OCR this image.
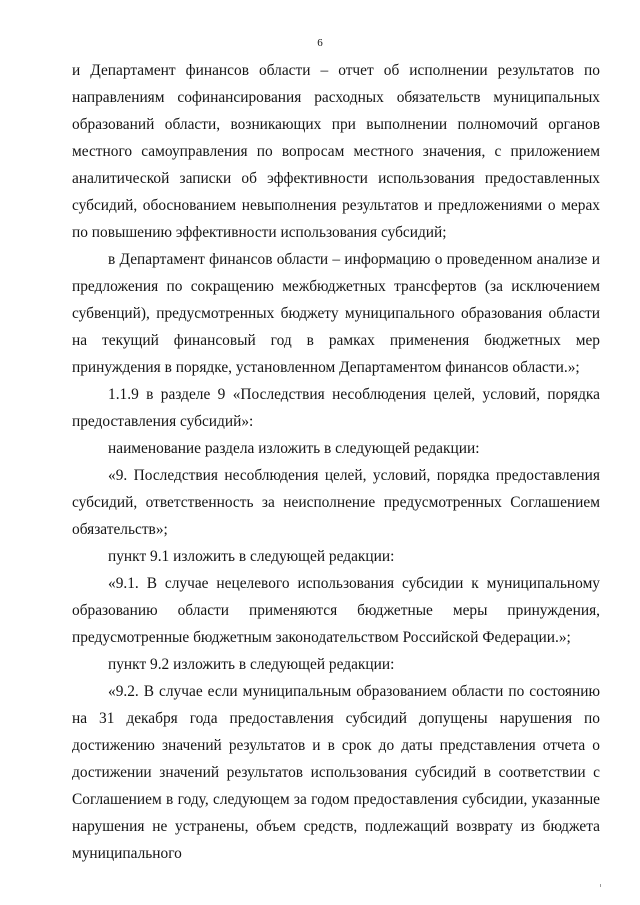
6

и Департамент финансов области – отчет об исполнении результатов по направлениям софинансирования расходных обязательств муниципальных образований области, возникающих при выполнении полномочий органов местного самоуправления по вопросам местного значения, с приложением аналитической записки об эффективности использования предоставленных субсидий, обоснованием невыполнения результатов и предложениями о мерах по повышению эффективности использования субсидий;

в Департамент финансов области – информацию о проведенном анализе и предложения по сокращению межбюджетных трансфертов (за исключением субвенций), предусмотренных бюджету муниципального образования области на текущий финансовый год в рамках применения бюджетных мер принуждения в порядке, установленном Департаментом финансов области.»;

1.1.9 в разделе 9 «Последствия несоблюдения целей, условий, порядка предоставления субсидий»:

наименование раздела изложить в следующей редакции:

«9. Последствия несоблюдения целей, условий, порядка предоставления субсидий, ответственность за неисполнение предусмотренных Соглашением обязательств»;

пункт 9.1 изложить в следующей редакции:

«9.1. В случае нецелевого использования субсидии к муниципальному образованию области применяются бюджетные меры принуждения, предусмотренные бюджетным законодательством Российской Федерации.»;

пункт 9.2 изложить в следующей редакции:

«9.2. В случае если муниципальным образованием области по состоянию на 31 декабря года предоставления субсидий допущены нарушения по достижению значений результатов и в срок до даты представления отчета о достижении значений результатов использования субсидий в соответствии с Соглашением в году, следующем за годом предоставления субсидии, указанные нарушения не устранены, объем средств, подлежащий возврату из бюджета муниципального
